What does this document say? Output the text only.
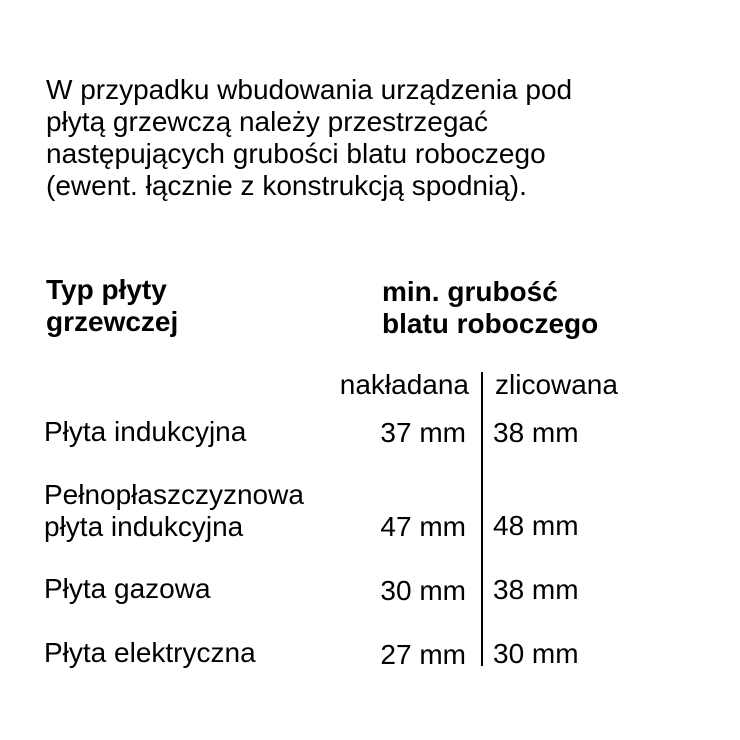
W przypadku wbudowania urządzenia pod
płytą grzewczą należy przestrzegać
następujących grubości blatu roboczego
(ewent. łącznie z konstrukcją spodnią).
Typ płyty
grzewczej
min. grubość
blatu roboczego
nakładana zlicowana
Płyta indukcyjna	37 mm 38 mm
Pełnopłaszczyznowa
płyta indukcyjna	47 mm 48 mm
Płyta gazowa	30 mm 38 mm
Płyta elektryczna	27 mm 30 mm
